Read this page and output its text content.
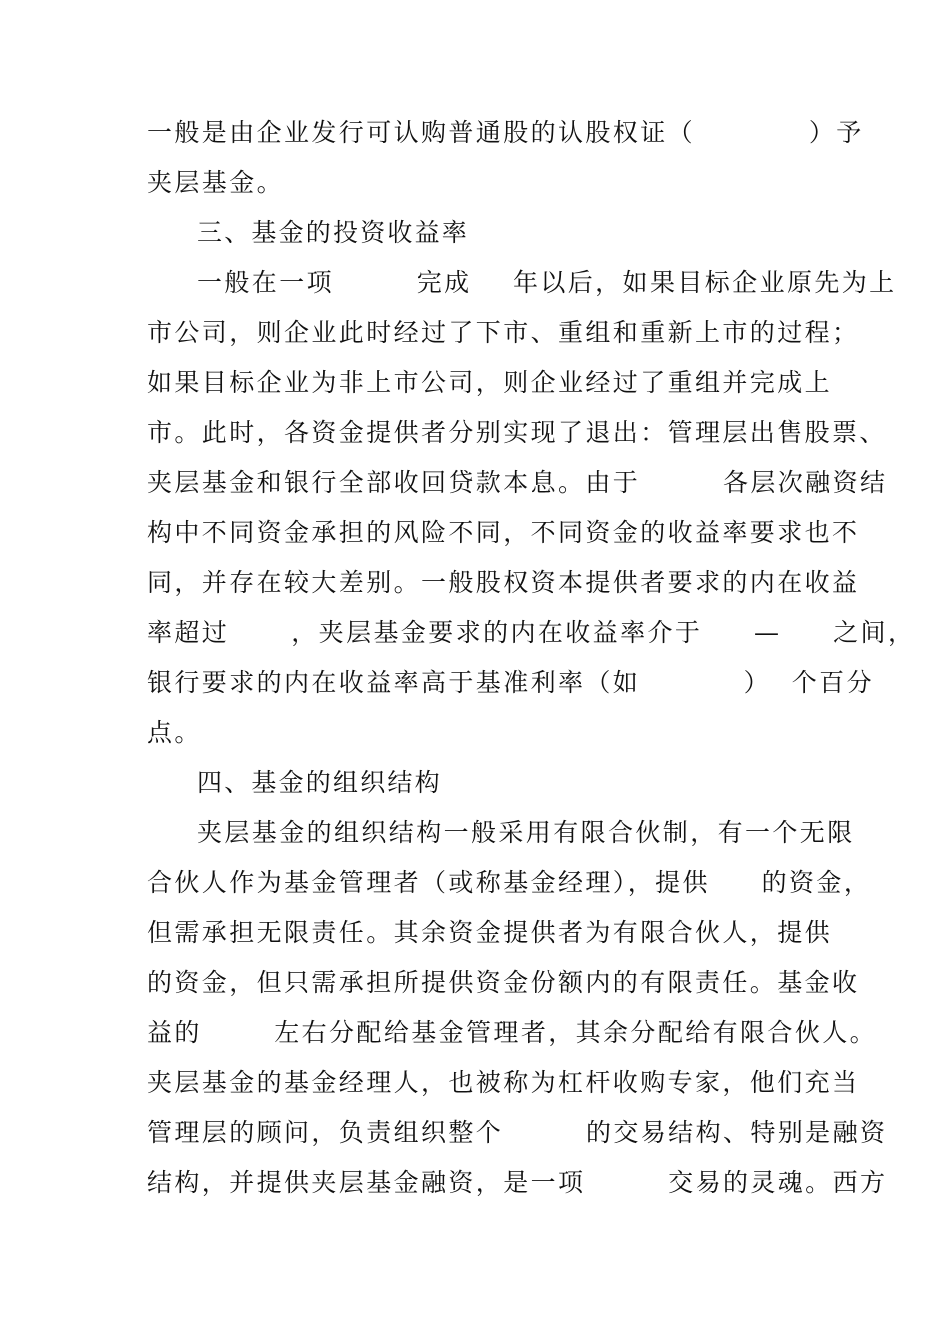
一般是由企业发行可认购普通股的认股权证（           ）予
夹层基金。
三、基金的投资收益率
一般在一项        完成    年以后，如果目标企业原先为上
市公司，则企业此时经过了下市、重组和重新上市的过程；
如果目标企业为非上市公司，则企业经过了重组并完成上
市。此时，各资金提供者分别实现了退出：管理层出售股票、
夹层基金和银行全部收回贷款本息。由于        各层次融资结
构中不同资金承担的风险不同，不同资金的收益率要求也不
同，并存在较大差别。一般股权资本提供者要求的内在收益
率超过      ，夹层基金要求的内在收益率介于     —     之间，
银行要求的内在收益率高于基准利率（如          ）  个百分
点。
四、基金的组织结构
夹层基金的组织结构一般采用有限合伙制，有一个无限
合伙人作为基金管理者（或称基金经理），提供     的资金，
但需承担无限责任。其余资金提供者为有限合伙人，提供
的资金，但只需承担所提供资金份额内的有限责任。基金收
益的       左右分配给基金管理者，其余分配给有限合伙人。
夹层基金的基金经理人，也被称为杠杆收购专家，他们充当
管理层的顾问，负责组织整个        的交易结构、特别是融资
结构，并提供夹层基金融资，是一项        交易的灵魂。西方
